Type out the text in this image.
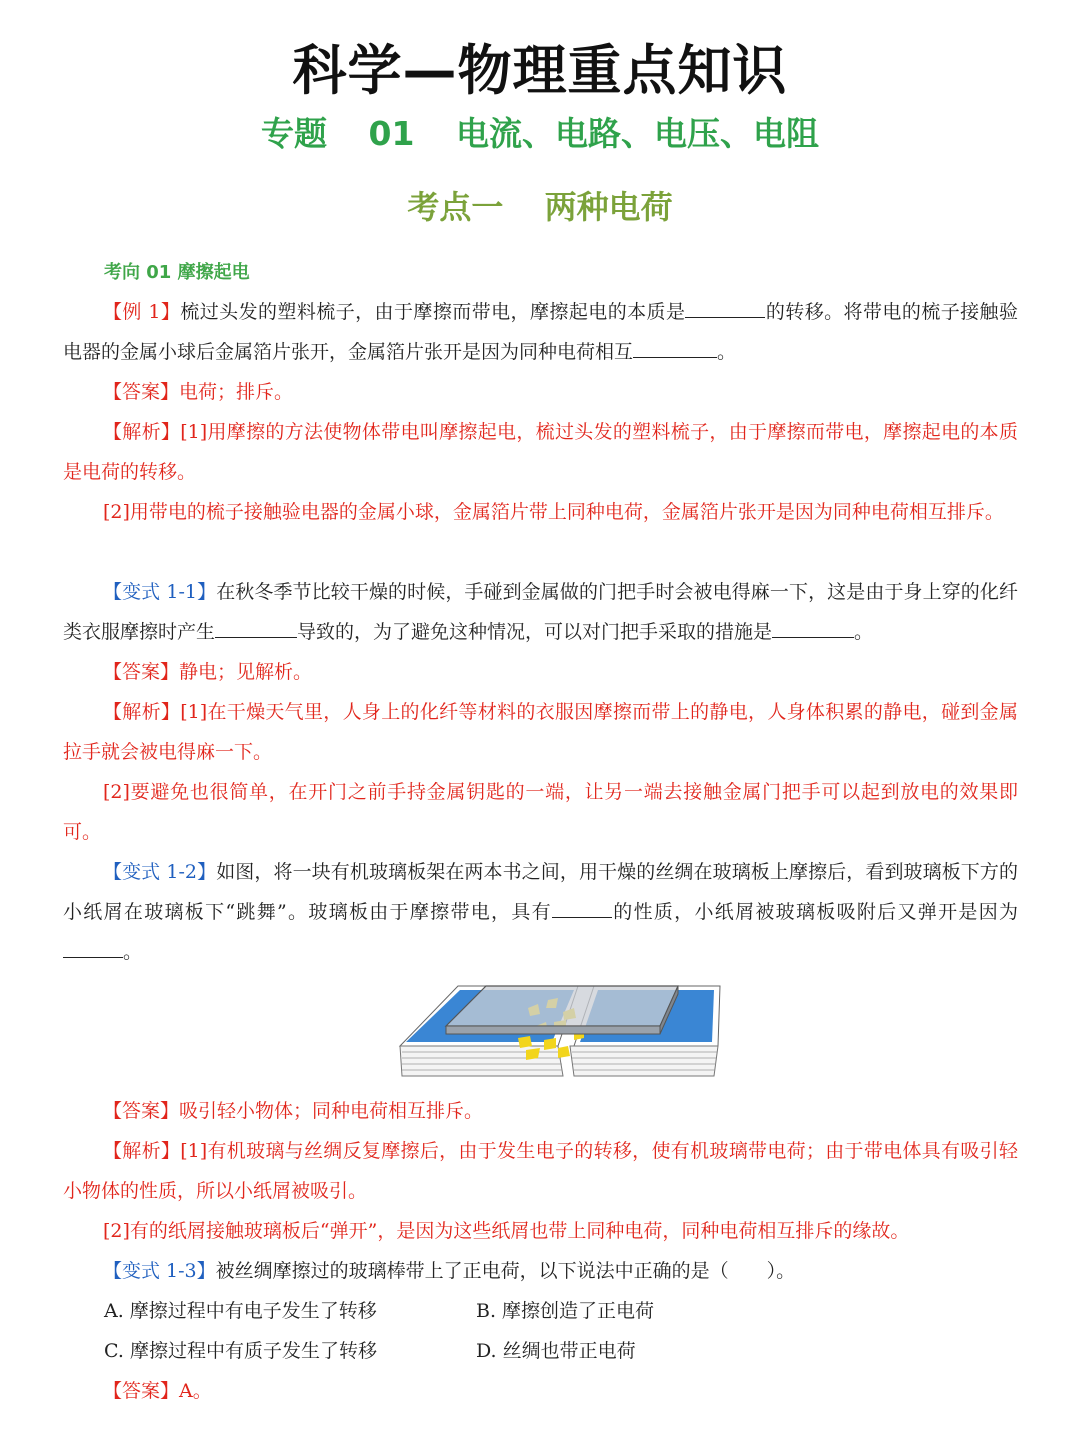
科学—物理重点知识
专题 01 电流、电路、电压、电阻
考点一 两种电荷
考向 01 摩擦起电

【例 1】梳过头发的塑料梳子，由于摩擦而带电，摩擦起电的本质是	的转移。将带电的梳子接触验电器的金属小球后金属箔片张开，金属箔片张开是因为同种电荷相互	。

【答案】电荷；排斥。

【解析】[1]用摩擦的方法使物体带电叫摩擦起电，梳过头发的塑料梳子，由于摩擦而带电，摩擦起电的本质是电荷的转移。

[2]用带电的梳子接触验电器的金属小球，金属箔片带上同种电荷，金属箔片张开是因为同种电荷相互排斥。

【变式 1-1】在秋冬季节比较干燥的时候，手碰到金属做的门把手时会被电得麻一下，这是由于身上穿的化纤类衣服摩擦时产生	导致的，为了避免这种情况，可以对门把手采取的措施是	。

【答案】静电；见解析。

【解析】[1]在干燥天气里，人身上的化纤等材料的衣服因摩擦而带上的静电，人身体积累的静电，碰到金属拉手就会被电得麻一下。

[2]要避免也很简单，在开门之前手持金属钥匙的一端，让另一端去接触金属门把手可以起到放电的效果即可。

【变式 1-2】如图，将一块有机玻璃板架在两本书之间，用干燥的丝绸在玻璃板上摩擦后，看到玻璃板下方的小纸屑在玻璃板下“跳舞”。玻璃板由于摩擦带电，具有	的性质，小纸屑被玻璃板吸附后又弹开是因为。

【答案】吸引轻小物体；同种电荷相互排斥。

【解析】[1]有机玻璃与丝绸反复摩擦后，由于发生电子的转移，使有机玻璃带电荷；由于带电体具有吸引轻小物体的性质，所以小纸屑被吸引。

[2]有的纸屑接触玻璃板后“弹开”，是因为这些纸屑也带上同种电荷，同种电荷相互排斥的缘故。

【变式 1-3】被丝绸摩擦过的玻璃棒带上了正电荷，以下说法中正确的是（　　）。

A. 摩擦过程中有电子发生了转移	B. 摩擦创造了正电荷
C. 摩擦过程中有质子发生了转移	D. 丝绸也带正电荷

【答案】A。
